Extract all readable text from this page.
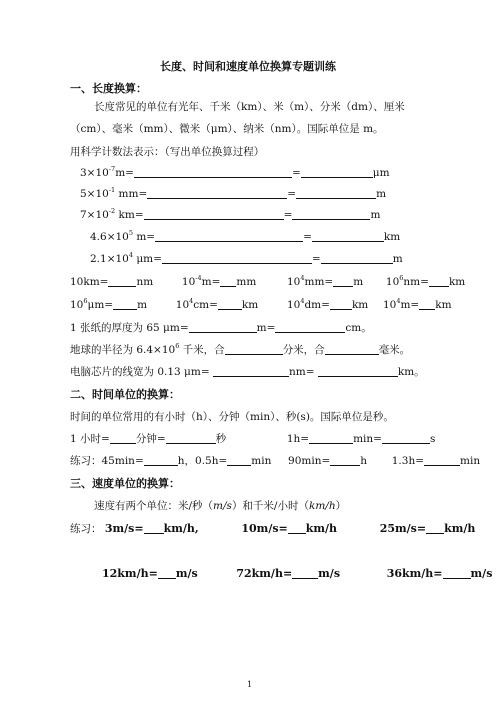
长度、时间和速度单位换算专题训练
一、长度换算：
长度常见的单位有光年、千米（km）、米（m）、分米（dm）、厘米
（cm）、毫米（mm）、微米（μm）、纳米（nm）。国际单位是 m。
用科学计数法表示：（写出单位换算过程）
$3\times 10^{-7}m=$	=	μm
$5\times 10^{-1}$ mm=	=	m
$7\times 10^{-2}$ km=	=	m
$4.6\times 10^5$ m=	=	km
$2.1\times 10^4$ μm=	=	m
10km=	nm	$10^{-4}m=$ mm	$10^4mm= m$ $10^6nm=$ km
$10^6\mu m= m$	$10^4cm=$ km	$10^4dm=$ km $10^4m=$ km
1 张纸的厚度为 65 μm=	m=	cm。
地球的半径为 $6.4\times 10^6$ 千米，合	分米，合	毫米。
电脑芯片的线宽为 0.13 μm=	nm=	km。
二、时间单位的换算：
时间的单位常用的有小时（h）、分钟（min）、秒(s)。国际单位是秒。
1 小时= 分钟=	秒	1h=	min=	s
练习：45min=	h，0.5h= min 90min=	h 1.3h=	min
三、速度单位的换算：
速度有两个单位：米/秒（m/s）和千米/小时（km/h）
练习： 3m/s= km/h,	10m/s= km/h	25m/s= km/h
12km/h= m/s	72km/h= m/s	36km/h=	m/s
1
